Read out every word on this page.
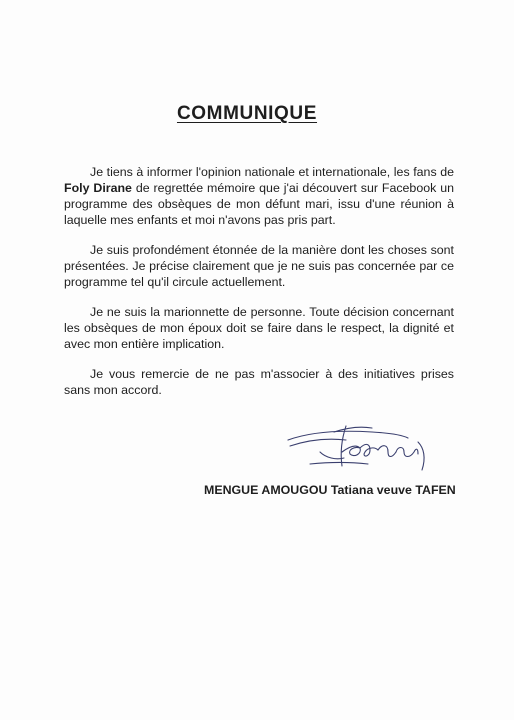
COMMUNIQUE
Je tiens à informer l'opinion nationale et internationale, les fans de Foly Dirane de regrettée mémoire que j'ai découvert sur Facebook un programme des obsèques de mon défunt mari, issu d'une réunion à laquelle mes enfants et moi n'avons pas pris part.
Je suis profondément étonnée de la manière dont les choses sont présentées. Je précise clairement que je ne suis pas concernée par ce programme tel qu'il circule actuellement.
Je ne suis la marionnette de personne. Toute décision concernant les obsèques de mon époux doit se faire dans le respect, la dignité et avec mon entière implication.
Je vous remercie de ne pas m'associer à des initiatives prises sans mon accord.
MENGUE AMOUGOU Tatiana veuve TAFEN
